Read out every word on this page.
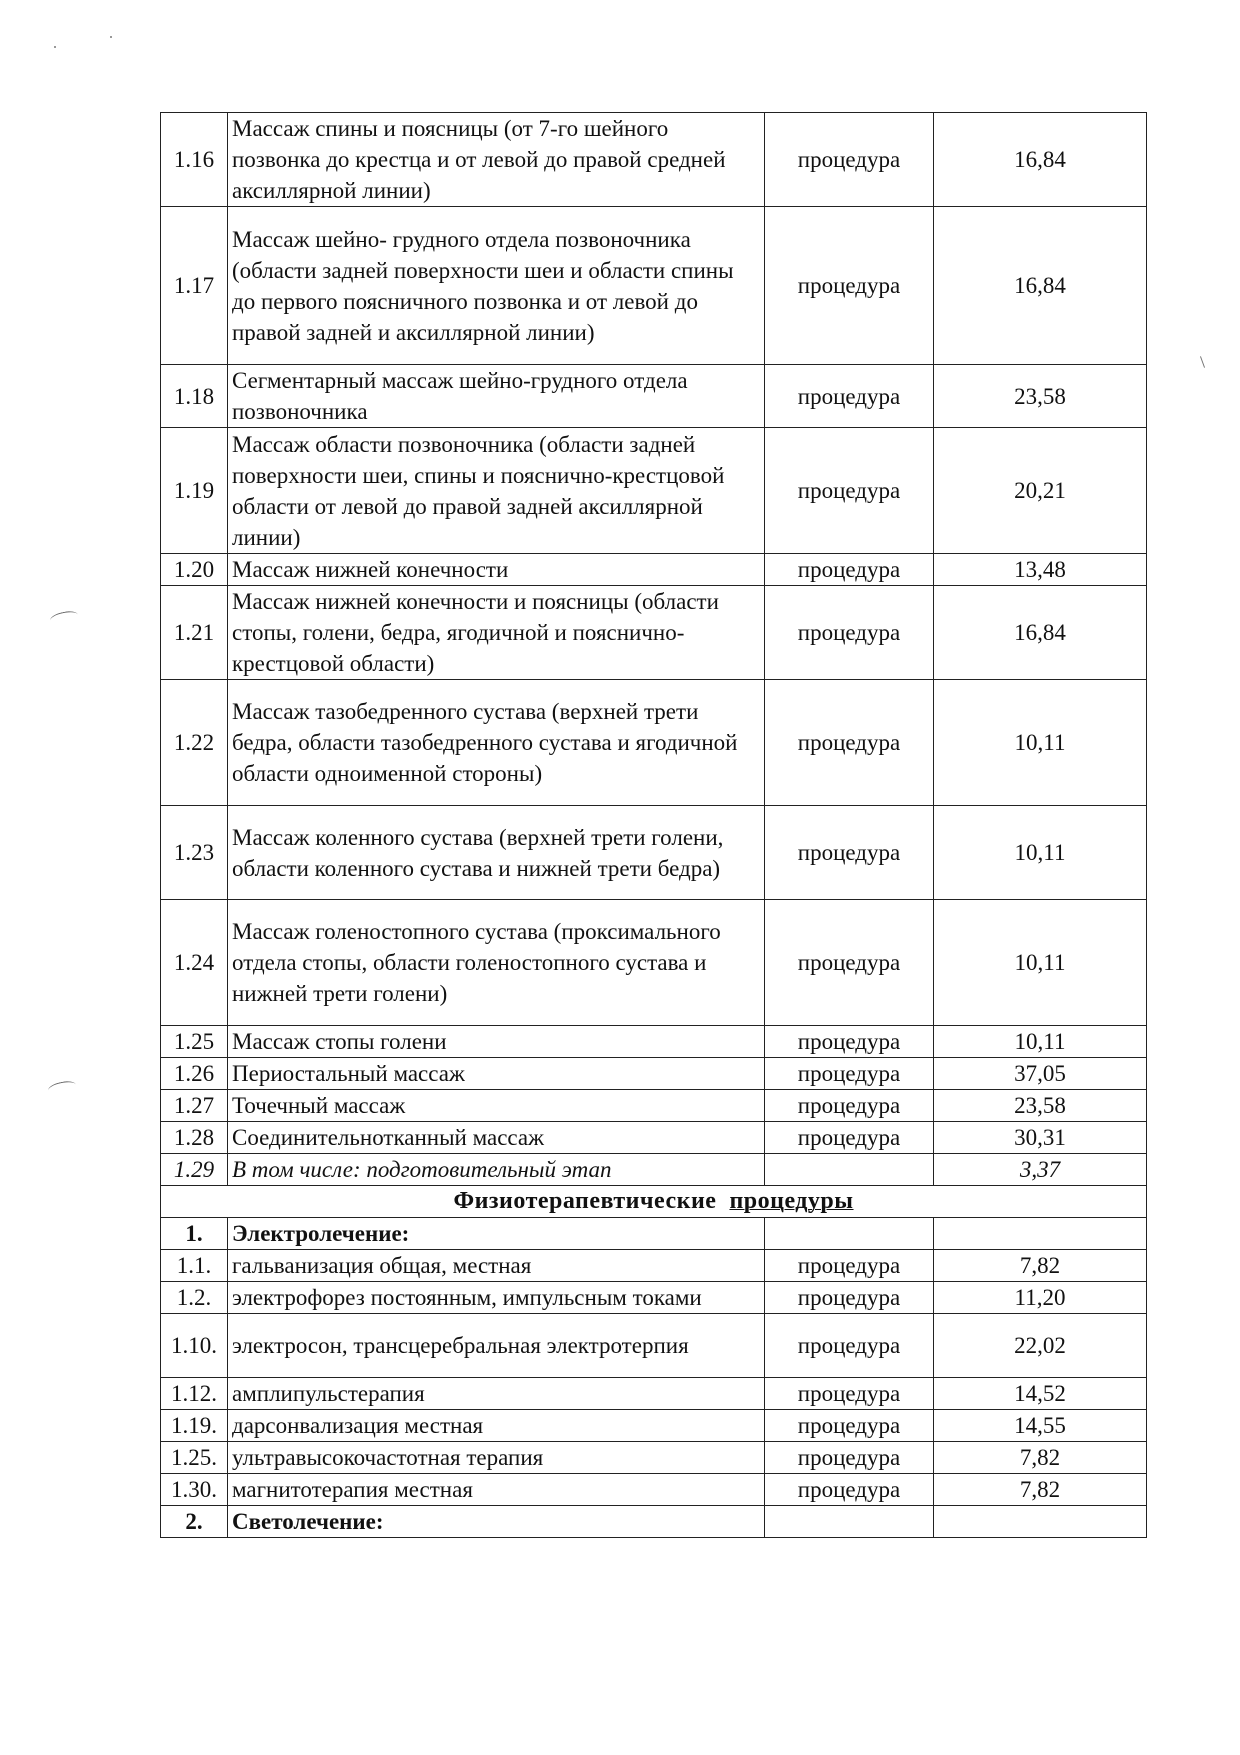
1.16	Массаж спины и поясницы (от 7-го шейного позвонка до крестца и от левой до правой средней аксиллярной линии)	процедура	16,84
1.17	Массаж шейно- грудного отдела позвоночника (области задней поверхности шеи и области спины до первого поясничного позвонка и от левой до правой задней и аксиллярной линии)	процедура	16,84
1.18	Сегментарный массаж шейно-грудного отдела позвоночника	процедура	23,58
1.19	Массаж области позвоночника (области задней поверхности шеи, спины и пояснично-крестцовой области от левой до правой задней аксиллярной линии)	процедура	20,21
1.20	Массаж нижней конечности	процедура	13,48
1.21	Массаж нижней конечности и поясницы (области стопы, голени, бедра, ягодичной и пояснично-крестцовой области)	процедура	16,84
1.22	Массаж тазобедренного сустава (верхней трети бедра, области тазобедренного сустава и ягодичной области одноименной стороны)	процедура	10,11
1.23	Массаж коленного сустава (верхней трети голени, области коленного сустава и нижней трети бедра)	процедура	10,11
1.24	Массаж голеностопного сустава (проксимального отдела стопы, области голеностопного сустава и нижней трети голени)	процедура	10,11
1.25	Массаж стопы голени	процедура	10,11
1.26	Периостальный массаж	процедура	37,05
1.27	Точечный массаж	процедура	23,58
1.28	Соединительнотканный массаж	процедура	30,31
1.29	В том числе: подготовительный этап		3,37
Физиотерапевтические процедуры			
1.	Электролечение:		
1.1.	гальванизация общая, местная	процедура	7,82
1.2.	электрофорез постоянным, импульсным токами	процедура	11,20
1.10.	электросон, трансцеребральная электротерпия	процедура	22,02
1.12.	амплипульстерапия	процедура	14,52
1.19.	дарсонвализация местная	процедура	14,55
1.25.	ультравысокочастотная терапия	процедура	7,82
1.30.	магнитотерапия местная	процедура	7,82
2.	Светолечение:		
